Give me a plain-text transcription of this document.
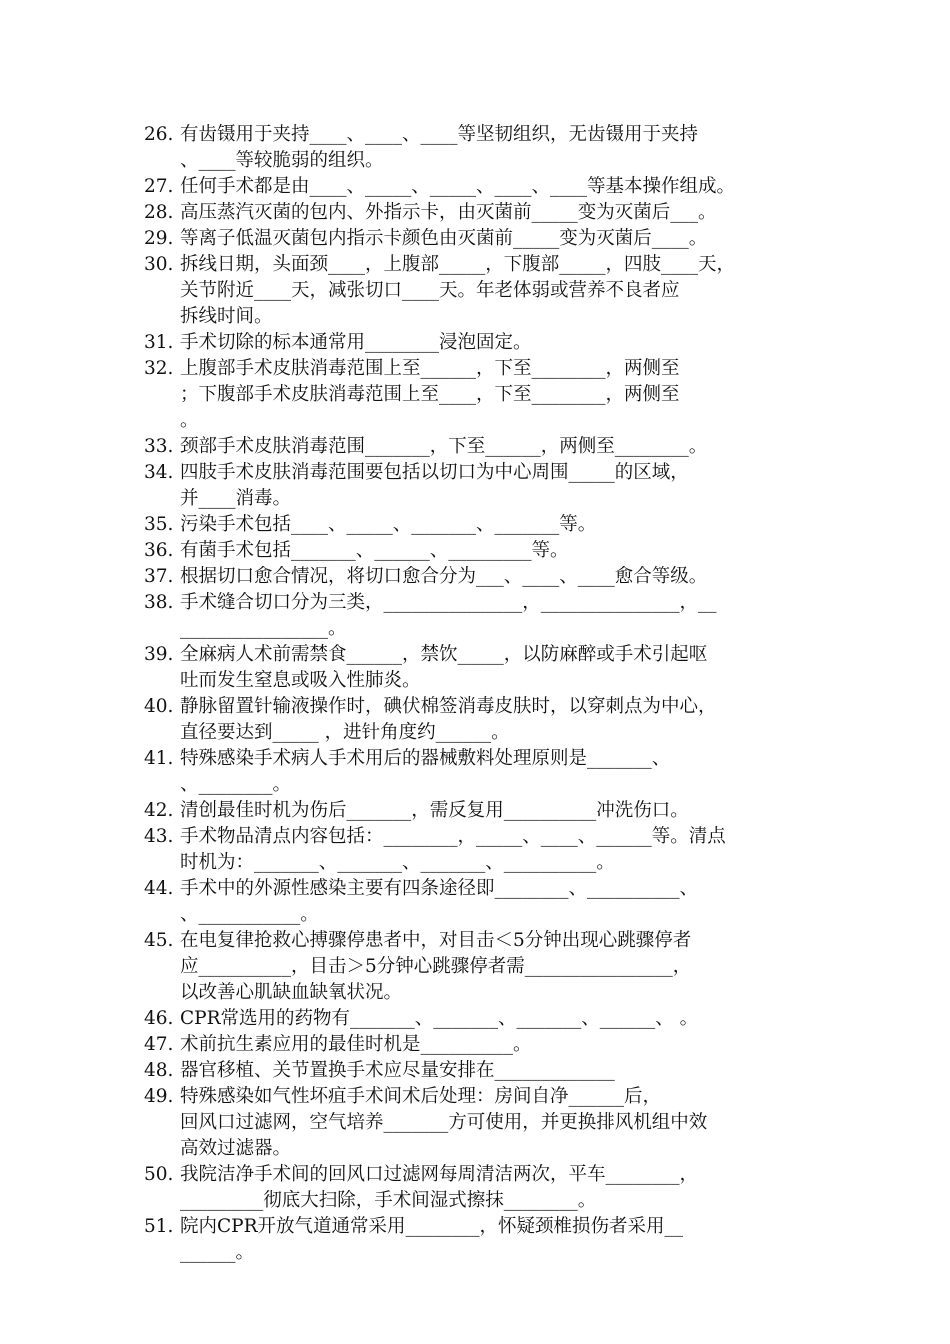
26. 有齿镊用于夹持____、____、____等坚韧组织，无齿镊用于夹持
、____等较脆弱的组织。
27. 任何手术都是由____、_____、_____、____、____等基本操作组成。
28. 高压蒸汽灭菌的包内、外指示卡，由灭菌前_____变为灭菌后___。
29. 等离子低温灭菌包内指示卡颜色由灭菌前_____变为灭菌后____。
30. 拆线日期，头面颈____，上腹部_____，下腹部_____，四肢____天，
关节附近____天，减张切口____天。年老体弱或营养不良者应
拆线时间。
31. 手术切除的标本通常用________浸泡固定。
32. 上腹部手术皮肤消毒范围上至______，下至________，两侧至
；下腹部手术皮肤消毒范围上至____，下至________，两侧至
。
33. 颈部手术皮肤消毒范围_______，下至______，两侧至________。
34. 四肢手术皮肤消毒范围要包括以切口为中心周围_____的区域，
并____消毒。
35. 污染手术包括____、_____、_______、_______等。
36. 有菌手术包括_______、______、_________等。
37. 根据切口愈合情况，将切口愈合分为___、____、____愈合等级。
38. 手术缝合切口分为三类，_______________，_______________，__
________________。
39. 全麻病人术前需禁食______，禁饮_____，以防麻醉或手术引起呕
吐而发生窒息或吸入性肺炎。
40. 静脉留置针输液操作时，碘伏棉签消毒皮肤时，以穿刺点为中心，
直径要达到_____ ，进针角度约______。
41. 特殊感染手术病人手术用后的器械敷料处理原则是_______、
、________。
42. 清创最佳时机为伤后_______，需反复用__________冲洗伤口。
43. 手术物品清点内容包括：________，_____、____、______等。清点
时机为：_______、_______、_______、__________。
44. 手术中的外源性感染主要有四条途径即________、__________、
、___________。
45. 在电复律抢救心搏骤停患者中，对目击＜5分钟出现心跳骤停者
应__________，目击＞5分钟心跳骤停者需________________，
以改善心肌缺血缺氧状况。
46. CPR常选用的药物有_______、_______、_______、______、 。
47. 术前抗生素应用的最佳时机是__________。
48. 器官移植、关节置换手术应尽量安排在_____________
49. 特殊感染如气性坏疽手术间术后处理：房间自净______后，
回风口过滤网，空气培养_______方可使用，并更换排风机组中效
高效过滤器。
50. 我院洁净手术间的回风口过滤网每周清洁两次，平车________，
_________彻底大扫除，手术间湿式擦抹________。
51. 院内CPR开放气道通常采用________，怀疑颈椎损伤者采用__
______。
